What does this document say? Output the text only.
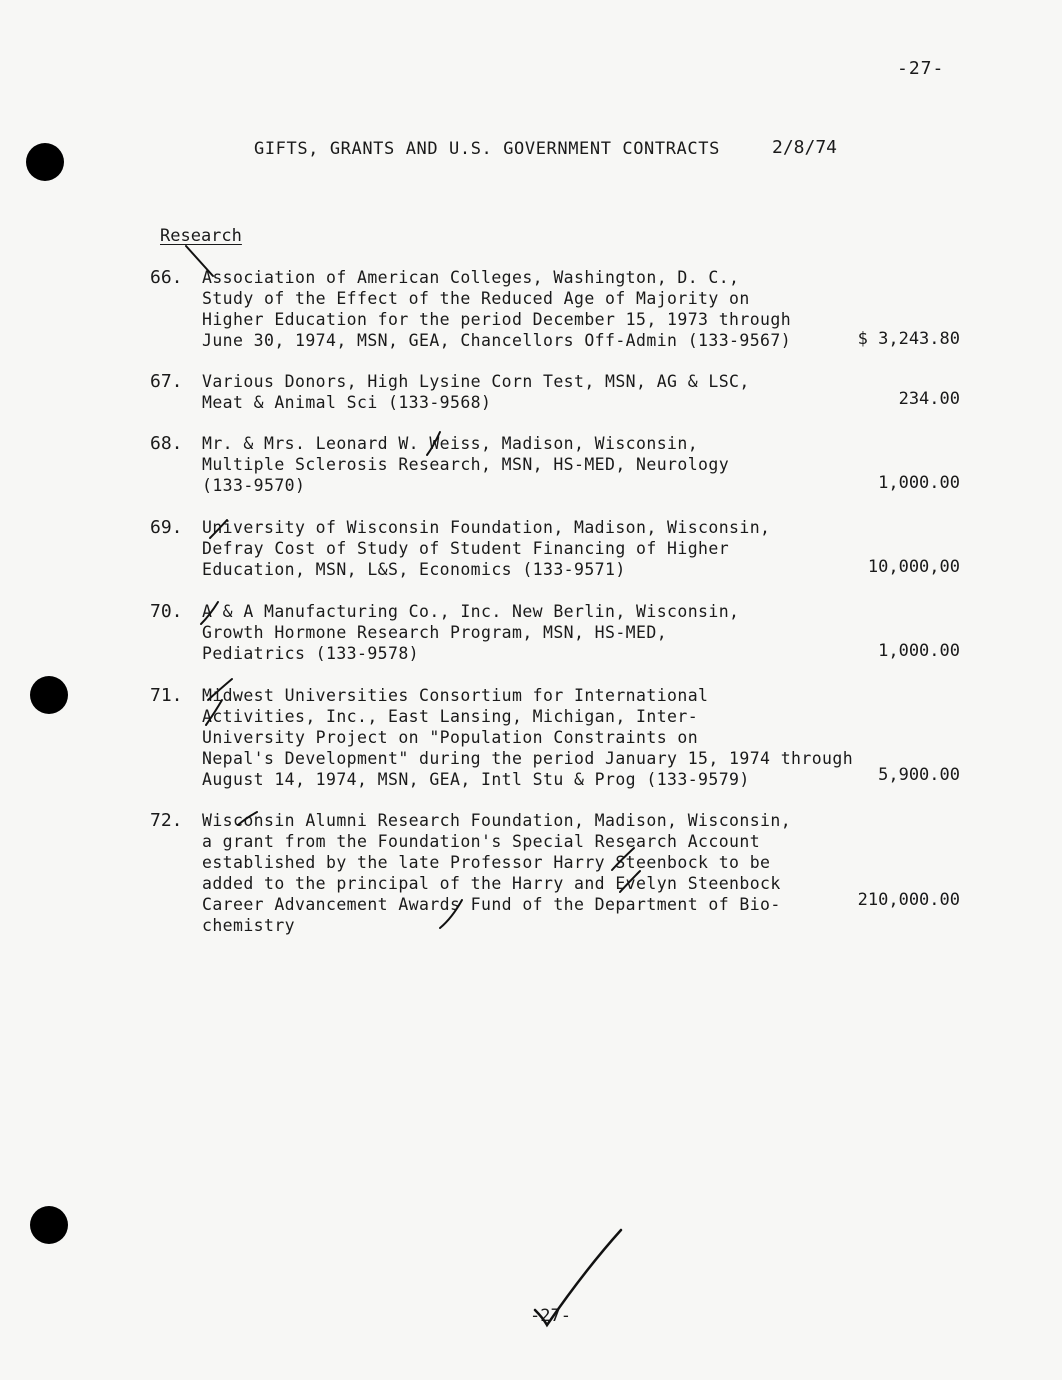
-27-
GIFTS, GRANTS AND U.S. GOVERNMENT CONTRACTS	2/8/74
Research
66. Association of American Colleges, Washington, D. C.,
Study of the Effect of the Reduced Age of Majority on
Higher Education for the period December 15, 1973 through
June 30, 1974, MSN, GEA, Chancellors Off-Admin (133-9567)	$ 3,243.80
67. Various Donors, High Lysine Corn Test, MSN, AG & LSC,
Meat & Animal Sci (133-9568)	234.00
68. Mr. & Mrs. Leonard W. Weiss, Madison, Wisconsin,
Multiple Sclerosis Research, MSN, HS-MED, Neurology
(133-9570)	1,000.00
69. University of Wisconsin Foundation, Madison, Wisconsin,
Defray Cost of Study of Student Financing of Higher
Education, MSN, L&S, Economics (133-9571)	10,000,00
70. A & A Manufacturing Co., Inc. New Berlin, Wisconsin,
Growth Hormone Research Program, MSN, HS-MED,
Pediatrics (133-9578)	1,000.00
71. Midwest Universities Consortium for International
Activities, Inc., East Lansing, Michigan, Inter-
University Project on "Population Constraints on
Nepal's Development" during the period January 15, 1974 through
August 14, 1974, MSN, GEA, Intl Stu & Prog (133-9579)	5,900.00
72. Wisconsin Alumni Research Foundation, Madison, Wisconsin,
a grant from the Foundation's Special Research Account
established by the late Professor Harry Steenbock to be
added to the principal of the Harry and Evelyn Steenbock
Career Advancement Awards Fund of the Department of Bio-
chemistry
210,000.00
-27-
